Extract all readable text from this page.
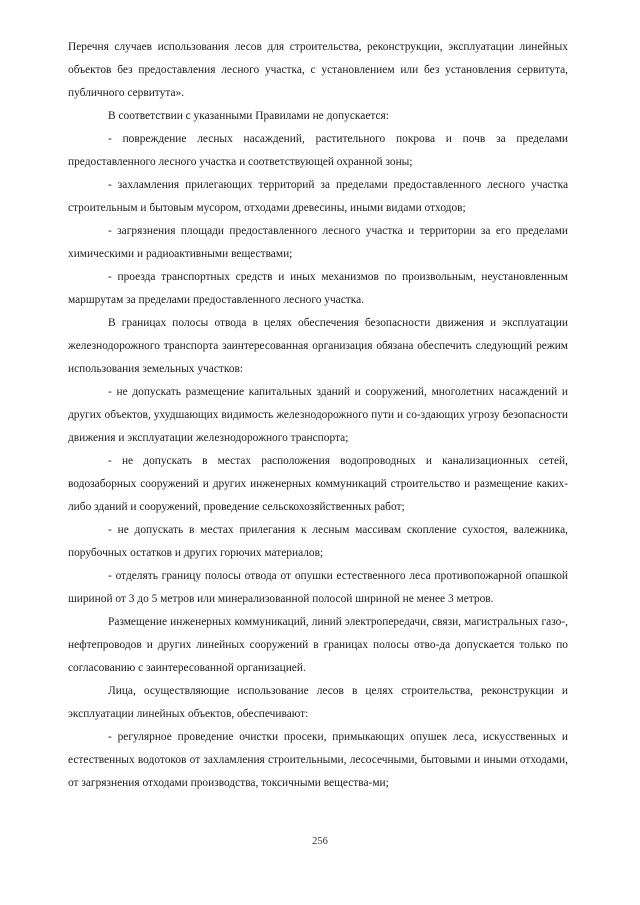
Перечня случаев использования лесов для строительства, реконструкции, эксплуатации линейных объектов без предоставления лесного участка, с установлением или без установления сервитута, публичного сервитута».

В соответствии с указанными Правилами не допускается:

- повреждение лесных насаждений, растительного покрова и почв за пределами предоставленного лесного участка и соответствующей охранной зоны;

- захламления прилегающих территорий за пределами предоставленного лесного участка строительным и бытовым мусором, отходами древесины, иными видами отходов;

- загрязнения площади предоставленного лесного участка и территории за его пределами химическими и радиоактивными веществами;

- проезда транспортных средств и иных механизмов по произвольным, неустановленным маршрутам за пределами предоставленного лесного участка.

В границах полосы отвода в целях обеспечения безопасности движения и эксплуатации железнодорожного транспорта заинтересованная организация обязана обеспечить следующий режим использования земельных участков:

- не допускать размещение капитальных зданий и сооружений, многолетних насаждений и других объектов, ухудшающих видимость железнодорожного пути и со-здающих угрозу безопасности движения и эксплуатации железнодорожного транспорта;

- не допускать в местах расположения водопроводных и канализационных сетей, водозаборных сооружений и других инженерных коммуникаций строительство и размещение каких-либо зданий и сооружений, проведение сельскохозяйственных работ;

- не допускать в местах прилегания к лесным массивам скопление сухостоя, валежника, порубочных остатков и других горючих материалов;

- отделять границу полосы отвода от опушки естественного леса противопожарной опашкой шириной от 3 до 5 метров или минерализованной полосой шириной не менее 3 метров.

Размещение инженерных коммуникаций, линий электропередачи, связи, магистральных газо-, нефтепроводов и других линейных сооружений в границах полосы отво-да допускается только по согласованию с заинтересованной организацией.

Лица, осуществляющие использование лесов в целях строительства, реконструкции и эксплуатации линейных объектов, обеспечивают:

- регулярное проведение очистки просеки, примыкающих опушек леса, искусственных и естественных водотоков от захламления строительными, лесосечными, бытовыми и иными отходами, от загрязнения отходами производства, токсичными вещества-ми;

256
